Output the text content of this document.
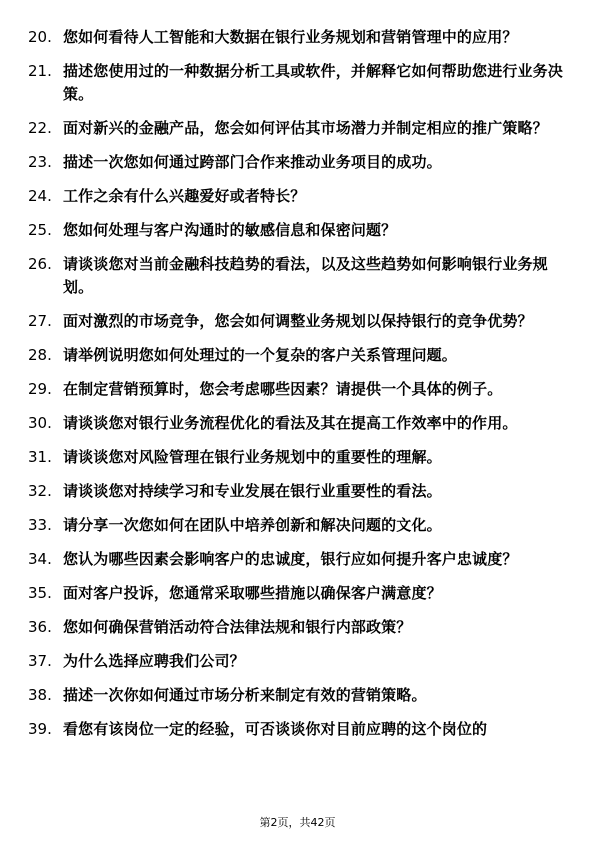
20. 您如何看待人工智能和大数据在银行业务规划和营销管理中的应用？
21. 描述您使用过的一种数据分析工具或软件，并解释它如何帮助您进行业务决策。
22. 面对新兴的金融产品，您会如何评估其市场潜力并制定相应的推广策略？
23. 描述一次您如何通过跨部门合作来推动业务项目的成功。
24. 工作之余有什么兴趣爱好或者特长？
25. 您如何处理与客户沟通时的敏感信息和保密问题？
26. 请谈谈您对当前金融科技趋势的看法，以及这些趋势如何影响银行业务规划。
27. 面对激烈的市场竞争，您会如何调整业务规划以保持银行的竞争优势？
28. 请举例说明您如何处理过的一个复杂的客户关系管理问题。
29. 在制定营销预算时，您会考虑哪些因素？请提供一个具体的例子。
30. 请谈谈您对银行业务流程优化的看法及其在提高工作效率中的作用。
31. 请谈谈您对风险管理在银行业务规划中的重要性的理解。
32. 请谈谈您对持续学习和专业发展在银行业重要性的看法。
33. 请分享一次您如何在团队中培养创新和解决问题的文化。
34. 您认为哪些因素会影响客户的忠诚度，银行应如何提升客户忠诚度？
35. 面对客户投诉，您通常采取哪些措施以确保客户满意度？
36. 您如何确保营销活动符合法律法规和银行内部政策？
37. 为什么选择应聘我们公司？
38. 描述一次你如何通过市场分析来制定有效的营销策略。
39. 看您有该岗位一定的经验，可否谈谈你对目前应聘的这个岗位的
第2页，共42页
